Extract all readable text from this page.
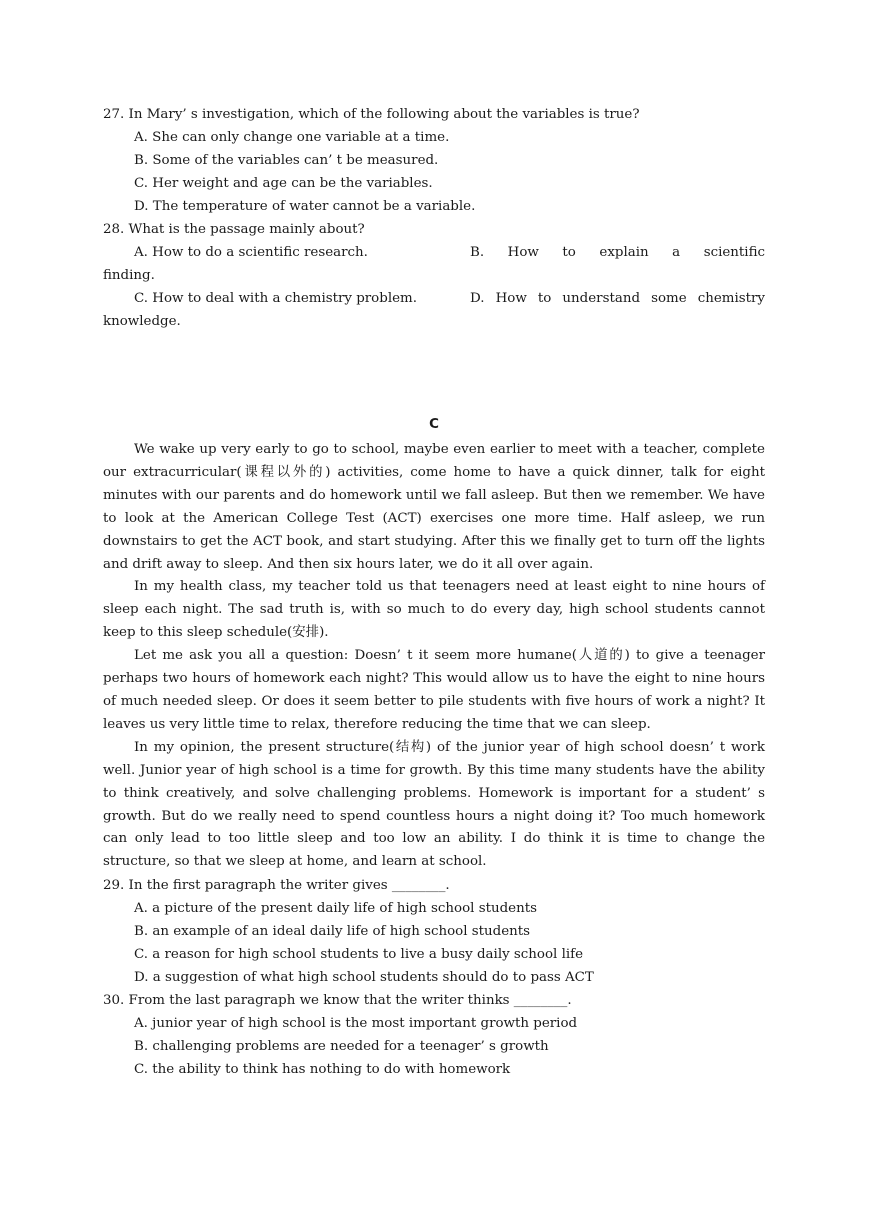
27. In Mary’ s investigation, which of the following about the variables is true?
A. She can only change one variable at a time.
B. Some of the variables can’ t be measured.
C. Her weight and age can be the variables.
D. The temperature of water cannot be a variable.
28. What is the passage mainly about?
A. How to do a scientific research.	B. How to explain a scientific
finding.
C. How to deal with a chemistry problem.	D. How to understand some chemistry
knowledge.
C

We wake up very early to go to school, maybe even earlier to meet with a teacher, complete our extracurricular(课程以外的) activities, come home to have a quick dinner, talk for eight minutes with our parents and do homework until we fall asleep. But then we remember. We have to look at the American College Test (ACT) exercises one more time. Half asleep, we run downstairs to get the ACT book, and start studying. After this we finally get to turn off the lights and drift away to sleep. And then six hours later, we do it all over again.

In my health class, my teacher told us that teenagers need at least eight to nine hours of sleep each night. The sad truth is, with so much to do every day, high school students cannot keep to this sleep schedule(安排).

Let me ask you all a question: Doesn’ t it seem more humane(人道的) to give a teenager perhaps two hours of homework each night? This would allow us to have the eight to nine hours of much needed sleep. Or does it seem better to pile students with five hours of work a night? It leaves us very little time to relax, therefore reducing the time that we can sleep.

In my opinion, the present structure(结构) of the junior year of high school doesn’ t work well. Junior year of high school is a time for growth. By this time many students have the ability to think creatively, and solve challenging problems. Homework is important for a student’ s growth. But do we really need to spend countless hours a night doing it? Too much homework can only lead to too little sleep and too low an ability. I do think it is time to change the structure, so that we sleep at home, and learn at school.

29. In the first paragraph the writer gives ________.
A. a picture of the present daily life of high school students
B. an example of an ideal daily life of high school students
C. a reason for high school students to live a busy daily school life
D. a suggestion of what high school students should do to pass ACT
30. From the last paragraph we know that the writer thinks ________.
A. junior year of high school is the most important growth period
B. challenging problems are needed for a teenager’ s growth
C. the ability to think has nothing to do with homework
